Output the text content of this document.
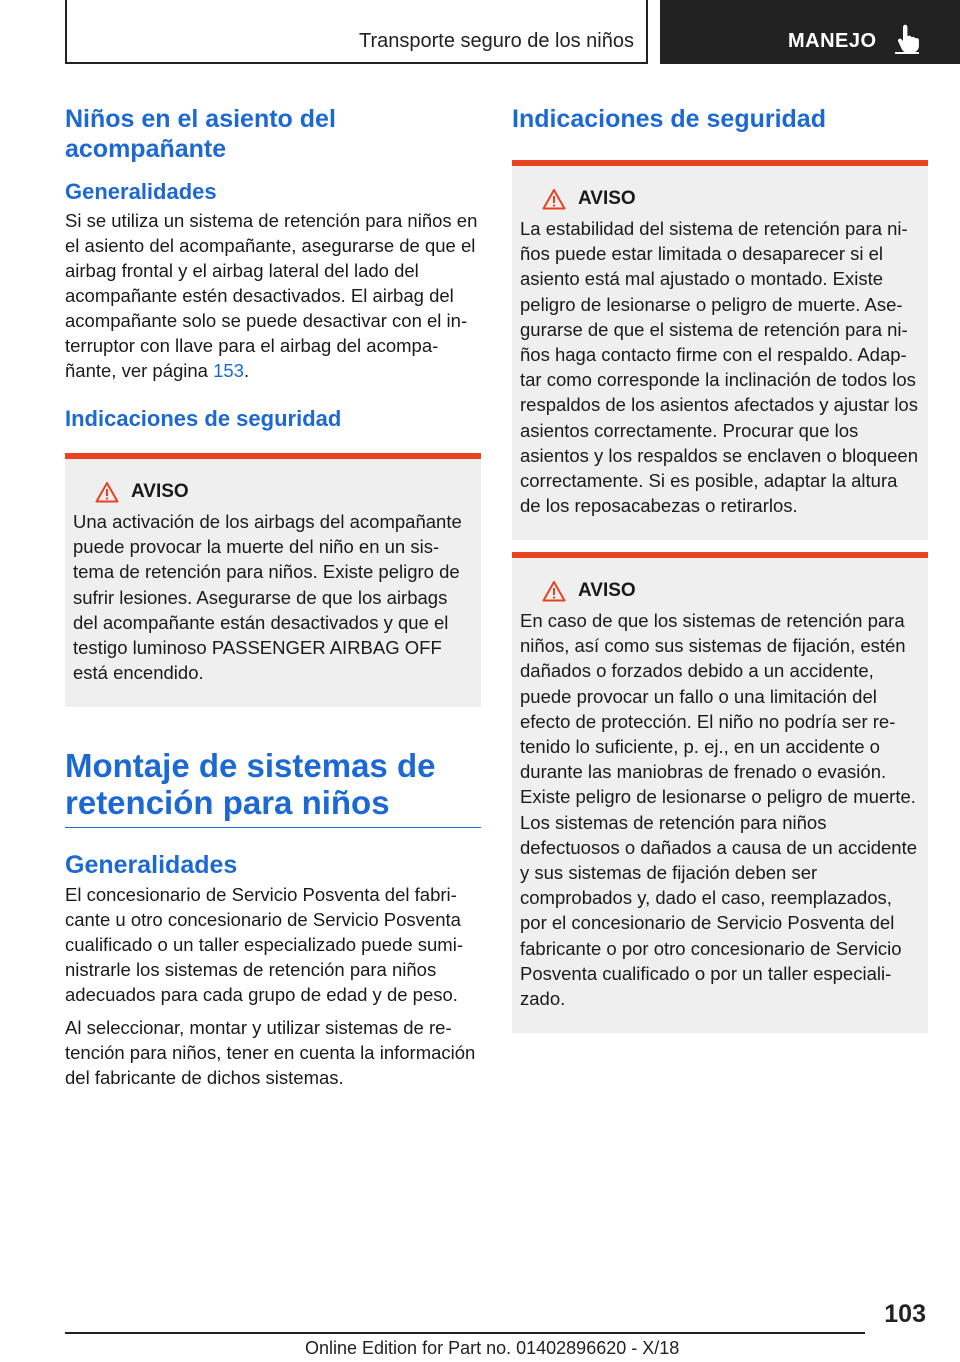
Transporte seguro de los niños	MANEJO
Niños en el asiento del acompañante
Generalidades

Si se utiliza un sistema de retención para niños en el asiento del acompañante, asegurarse de que el airbag frontal y el airbag lateral del lado del acompañante estén desactivados. El airbag del acompañante solo se puede desactivar con el interruptor con llave para el airbag del acompañante, ver página 153.

Indicaciones de seguridad
AVISO

Una activación de los airbags del acompañante puede provocar la muerte del niño en un sistema de retención para niños. Existe peligro de sufrir lesiones. Asegurarse de que los airbags del acompañante están desactivados y que el testigo luminoso PASSENGER AIRBAG OFF está encendido.

Montaje de sistemas de retención para niños
Generalidades

El concesionario de Servicio Posventa del fabricante u otro concesionario de Servicio Posventa cualificado o un taller especializado puede suministrarle los sistemas de retención para niños adecuados para cada grupo de edad y de peso.

Al seleccionar, montar y utilizar sistemas de retención para niños, tener en cuenta la información del fabricante de dichos sistemas.

Indicaciones de seguridad
AVISO

La estabilidad del sistema de retención para niños puede estar limitada o desaparecer si el asiento está mal ajustado o montado. Existe peligro de lesionarse o peligro de muerte. Asegurarse de que el sistema de retención para niños haga contacto firme con el respaldo. Adaptar como corresponde la inclinación de todos los respaldos de los asientos afectados y ajustar los asientos correctamente. Procurar que los asientos y los respaldos se enclaven o bloqueen correctamente. Si es posible, adaptar la altura de los reposacabezas o retirarlos.

AVISO

En caso de que los sistemas de retención para niños, así como sus sistemas de fijación, estén dañados o forzados debido a un accidente, puede provocar un fallo o una limitación del efecto de protección. El niño no podría ser retenido lo suficiente, p. ej., en un accidente o durante las maniobras de frenado o evasión. Existe peligro de lesionarse o peligro de muerte. Los sistemas de retención para niños defectuosos o dañados a causa de un accidente y sus sistemas de fijación deben ser comprobados y, dado el caso, reemplazados, por el concesionario de Servicio Posventa del fabricante o por otro concesionario de Servicio Posventa cualificado o por un taller especializado.

103
Online Edition for Part no. 01402896620 - X/18
